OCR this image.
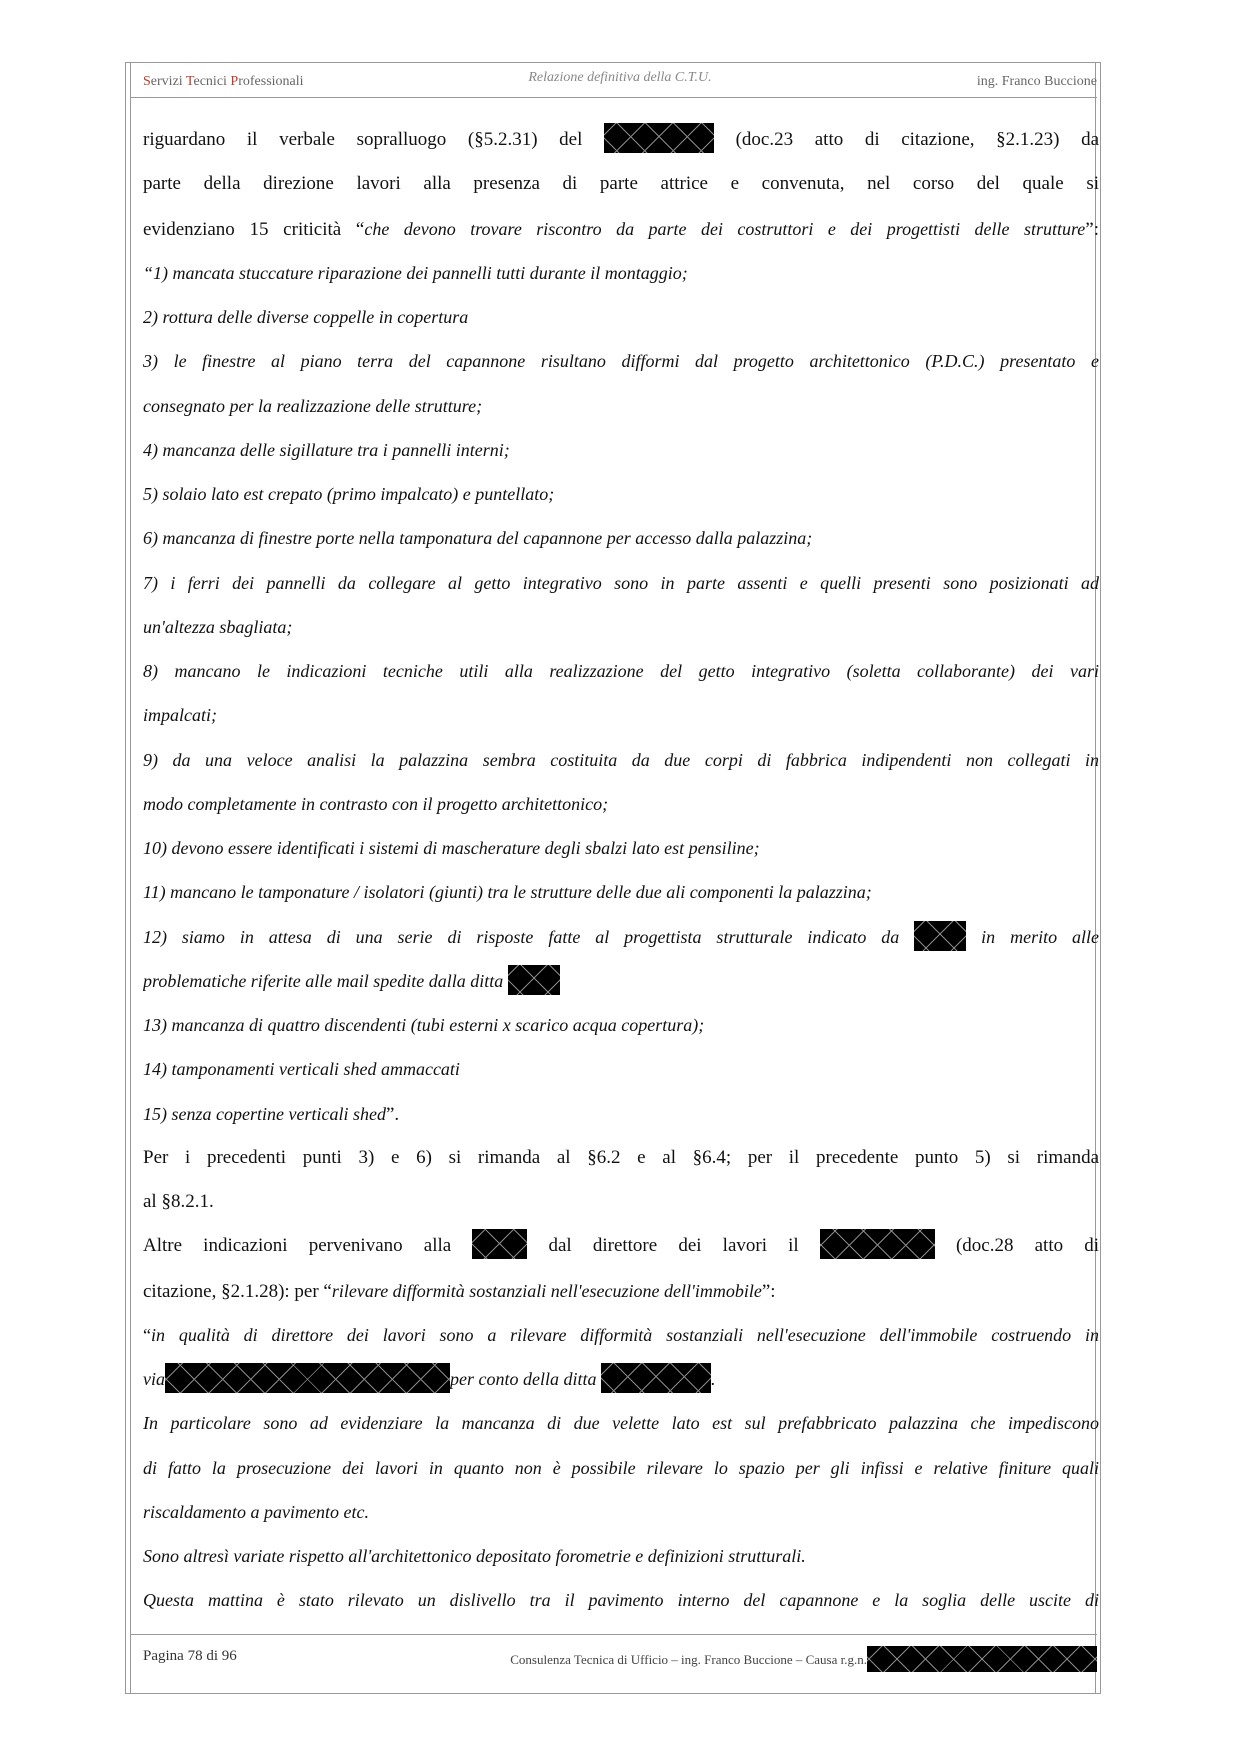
Servizi Tecnici Professionali	Relazione definitiva della C.T.U.	ing. Franco Buccione

riguardano il verbale sopralluogo (§5.2.31) del	(doc.23 atto di citazione, §2.1.23) da

parte della direzione lavori alla presenza di parte attrice e convenuta, nel corso del quale si

evidenziano 15 criticità “che devono trovare riscontro da parte dei costruttori e dei progettisti delle strutture”:

“1) mancata stuccature riparazione dei pannelli tutti durante il montaggio;

2) rottura delle diverse coppelle in copertura

3) le finestre al piano terra del capannone risultano difformi dal progetto architettonico (P.D.C.) presentato e

consegnato per la realizzazione delle strutture;

4) mancanza delle sigillature tra i pannelli interni;

5) solaio lato est crepato (primo impalcato) e puntellato;

6) mancanza di finestre porte nella tamponatura del capannone per accesso dalla palazzina;

7) i ferri dei pannelli da collegare al getto integrativo sono in parte assenti e quelli presenti sono posizionati ad

un'altezza sbagliata;

8) mancano le indicazioni tecniche utili alla realizzazione del getto integrativo (soletta collaborante) dei vari

impalcati;

9) da una veloce analisi la palazzina sembra costituita da due corpi di fabbrica indipendenti non collegati in

modo completamente in contrasto con il progetto architettonico;

10) devono essere identificati i sistemi di mascherature degli sbalzi lato est pensiline;

11) mancano le tamponature / isolatori (giunti) tra le strutture delle due ali componenti la palazzina;

12) siamo in attesa di una serie di risposte fatte al progettista strutturale indicato da	in merito alle

problematiche riferite alle mail spedite dalla ditta

13) mancanza di quattro discendenti (tubi esterni x scarico acqua copertura);

14) tamponamenti verticali shed ammaccati

15) senza copertine verticali shed”.

Per i precedenti punti 3) e 6) si rimanda al §6.2 e al §6.4; per il precedente punto 5) si rimanda

al §8.2.1.

Altre indicazioni pervenivano alla	dal direttore dei lavori il	(doc.28 atto di

citazione, §2.1.28): per “rilevare difformità sostanziali nell'esecuzione dell'immobile”:

“in qualità di direttore dei lavori sono a rilevare difformità sostanziali nell'esecuzione dell'immobile costruendo in

via	per conto della ditta	.

In particolare sono ad evidenziare la mancanza di due velette lato est sul prefabbricato palazzina che impediscono

di fatto la prosecuzione dei lavori in quanto non è possibile rilevare lo spazio per gli infissi e relative finiture quali

riscaldamento a pavimento etc.

Sono altresì variate rispetto all'architettonico depositato forometrie e definizioni strutturali.

Questa mattina è stato rilevato un dislivello tra il pavimento interno del capannone e la soglia delle uscite di

Pagina 78 di 96	Consulenza Tecnica di Ufficio – ing. Franco Buccione – Causa r.g.n.
